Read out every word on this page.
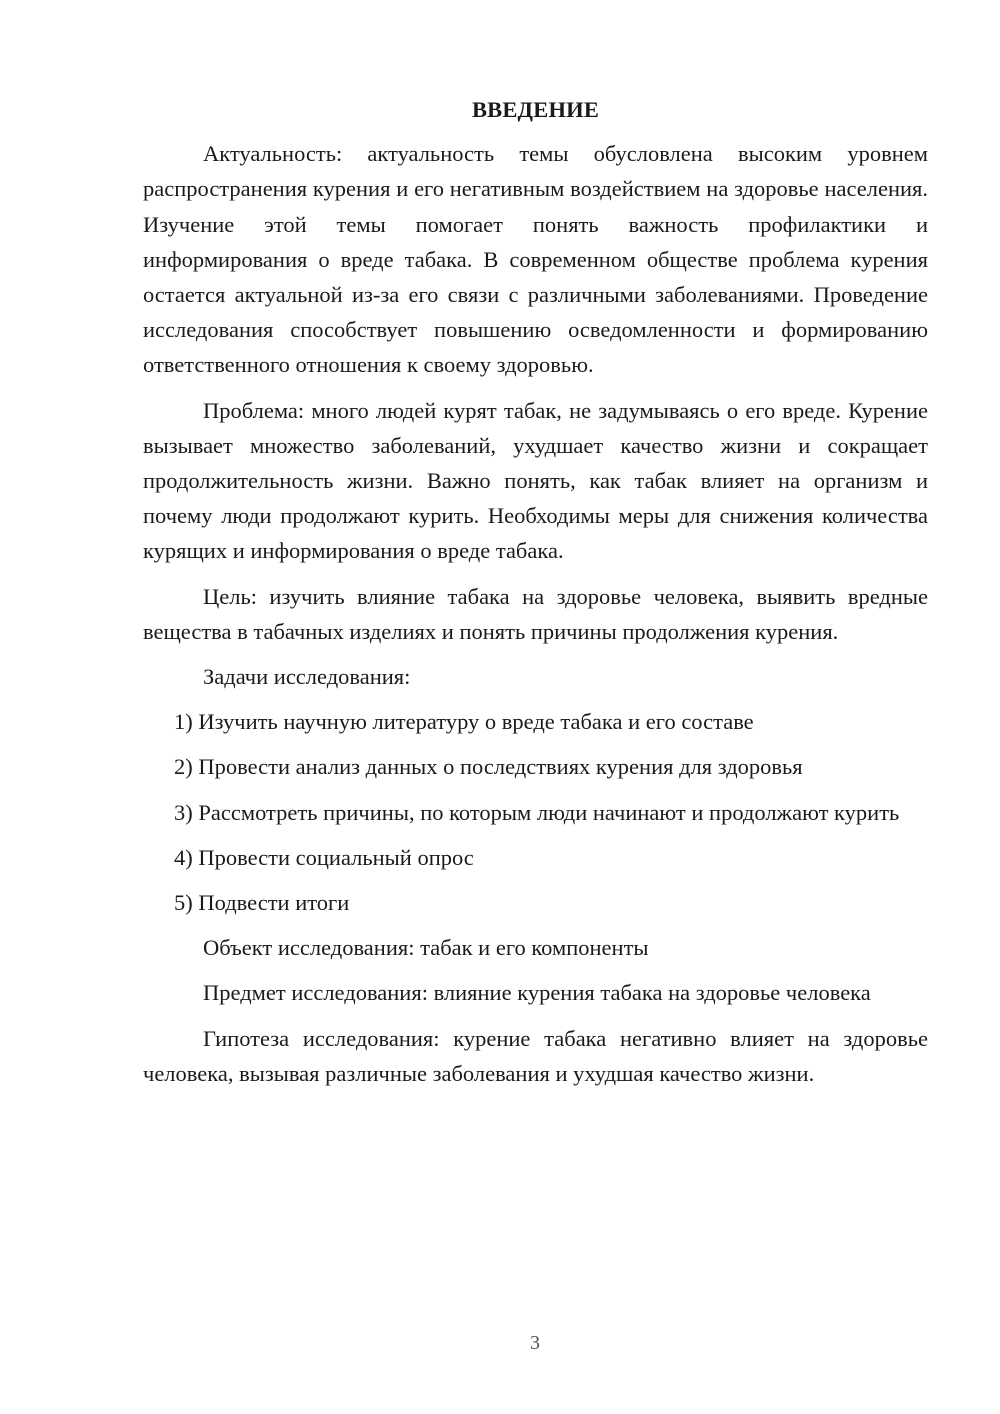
ВВЕДЕНИЕ

Актуальность: актуальность темы обусловлена высоким уровнем распространения курения и его негативным воздействием на здоровье населения. Изучение этой темы помогает понять важность профилактики и информирования о вреде табака. В современном обществе проблема курения остается актуальной из-за его связи с различными заболеваниями. Проведение исследования способствует повышению осведомленности и формированию ответственного отношения к своему здоровью.

Проблема: много людей курят табак, не задумываясь о его вреде. Курение вызывает множество заболеваний, ухудшает качество жизни и сокращает продолжительность жизни. Важно понять, как табак влияет на организм и почему люди продолжают курить. Необходимы меры для снижения количества курящих и информирования о вреде табака.

Цель: изучить влияние табака на здоровье человека, выявить вредные вещества в табачных изделиях и понять причины продолжения курения.

Задачи исследования:

1) Изучить научную литературу о вреде табака и его составе

2) Провести анализ данных о последствиях курения для здоровья

3) Рассмотреть причины, по которым люди начинают и продолжают курить

4) Провести социальный опрос

5) Подвести итоги

Объект исследования: табак и его компоненты

Предмет исследования: влияние курения табака на здоровье человека

Гипотеза исследования: курение табака негативно влияет на здоровье человека, вызывая различные заболевания и ухудшая качество жизни.

3
